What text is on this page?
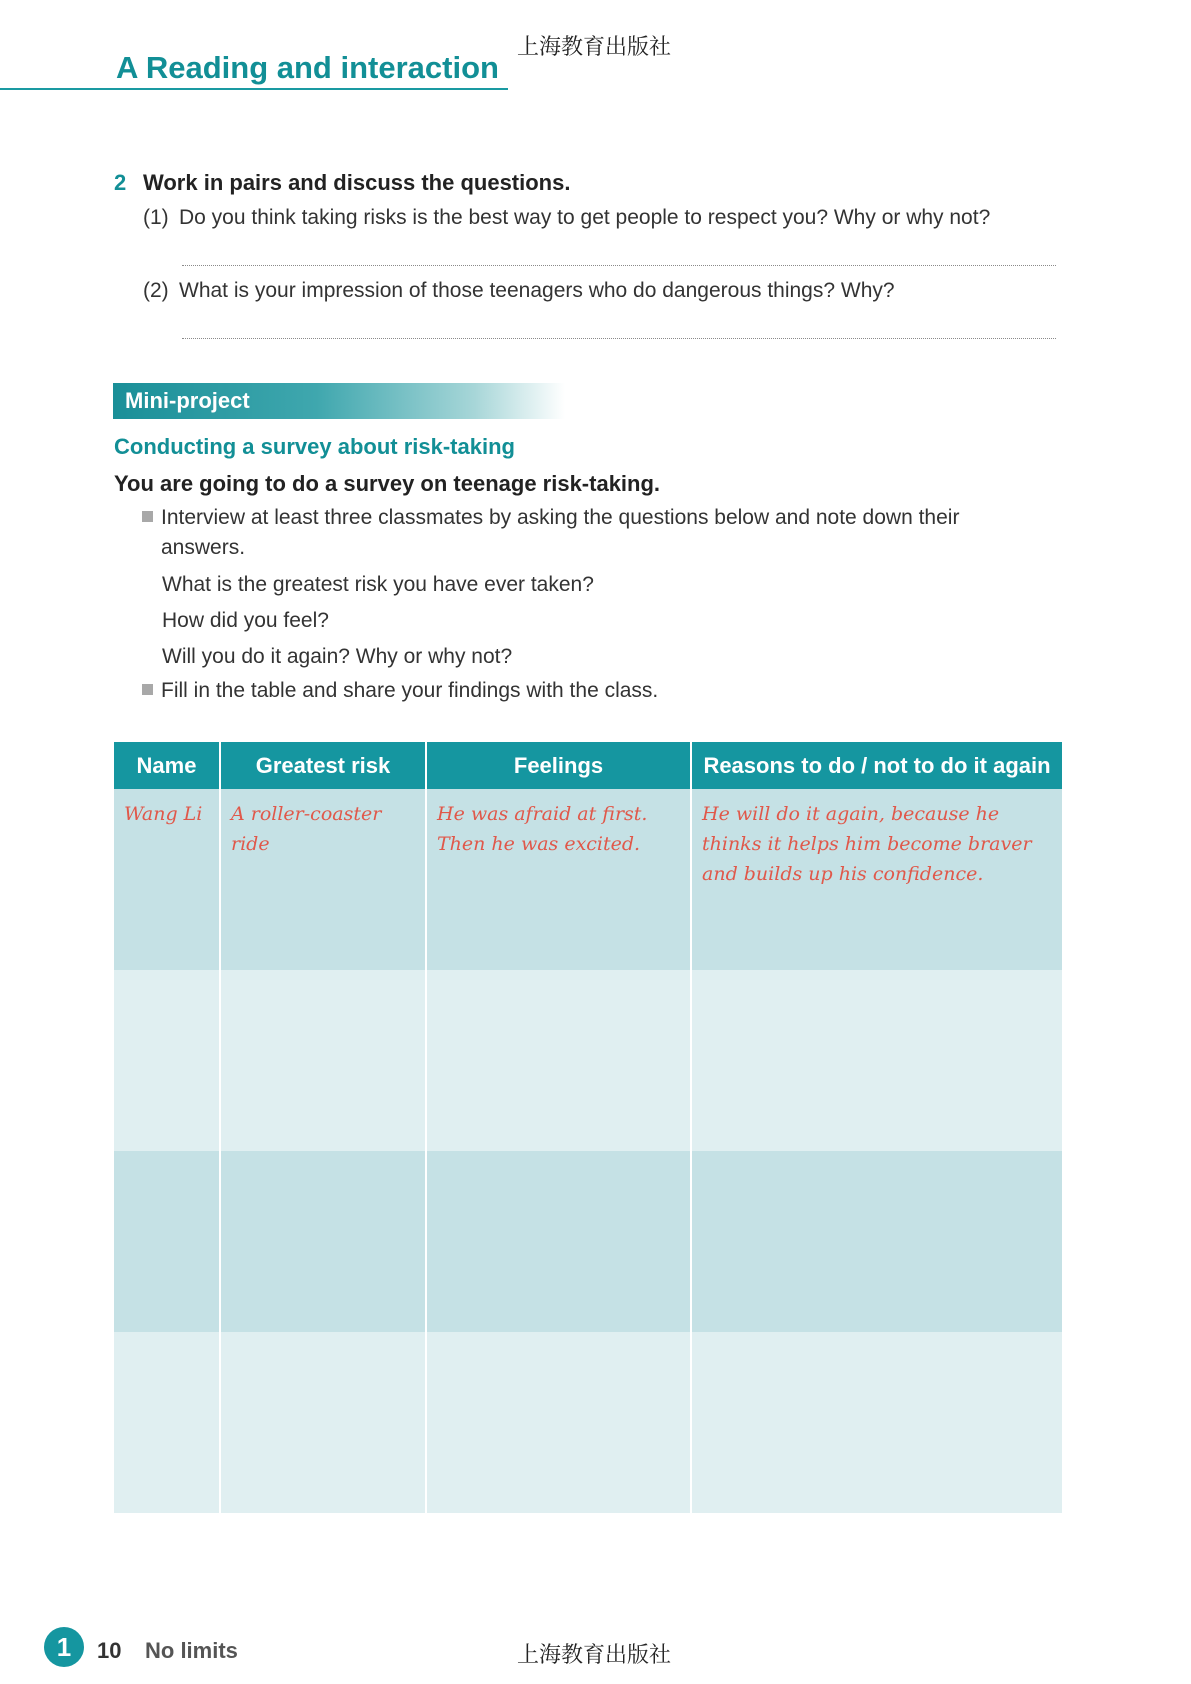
上海教育出版社
A Reading and interaction
2 Work in pairs and discuss the questions.
(1) Do you think taking risks is the best way to get people to respect you? Why or why not?
(2) What is your impression of those teenagers who do dangerous things? Why?
Mini-project
Conducting a survey about risk-taking
You are going to do a survey on teenage risk-taking.
Interview at least three classmates by asking the questions below and note down their answers.
What is the greatest risk you have ever taken?
How did you feel?
Will you do it again? Why or why not?
Fill in the table and share your findings with the class.
Name	Greatest risk	Feelings	Reasons to do / not to do it again
Wang Li	A roller-coaster ride	He was afraid at first. Then he was excited.	He will do it again, because he thinks it helps him become braver and builds up his confidence.

1	10 No limits	上海教育出版社
